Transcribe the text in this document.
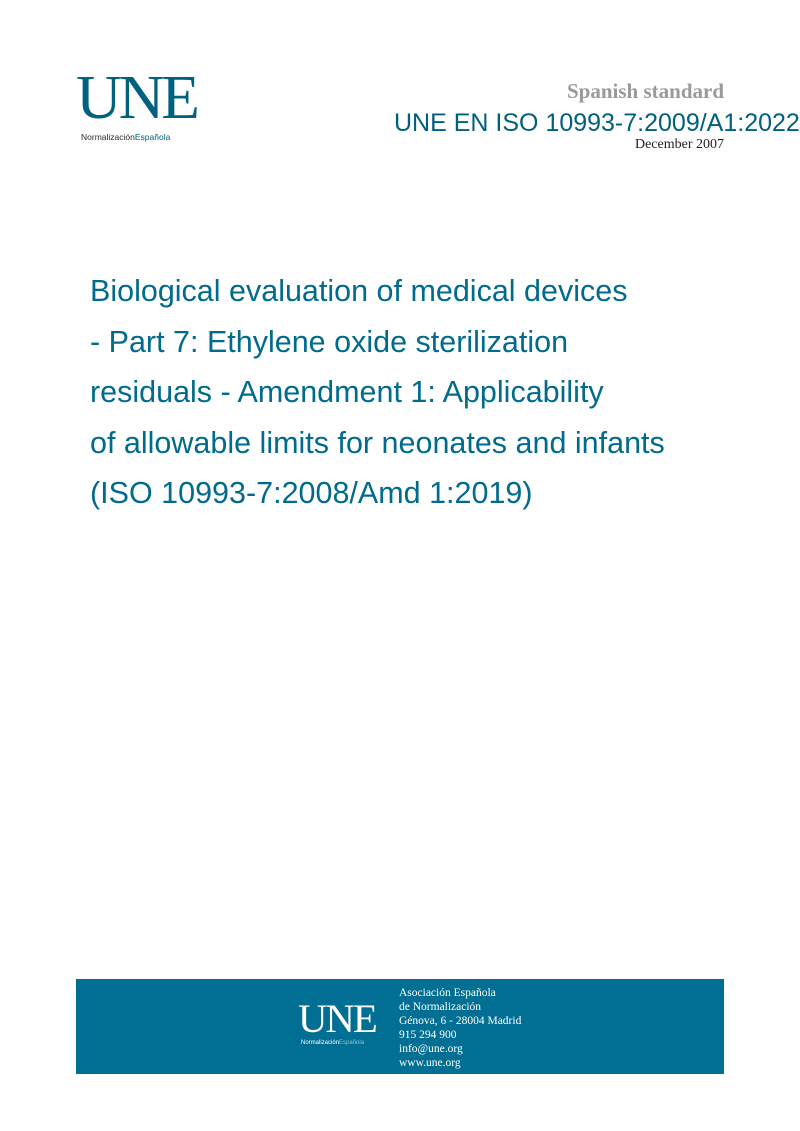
UNE
NormalizaciónEspañola
Spanish standard
December 2007
UNE EN ISO 10993-7:2009/A1:2022
Biological evaluation of medical devices
- Part 7: Ethylene oxide sterilization
residuals - Amendment 1: Applicability
of allowable limits for neonates and infants
(ISO 10993-7:2008/Amd 1:2019)
UNE
NormalizaciónEspañola
Asociación Española
de Normalización
Génova, 6 - 28004 Madrid
915 294 900
info@une.org
www.une.org
